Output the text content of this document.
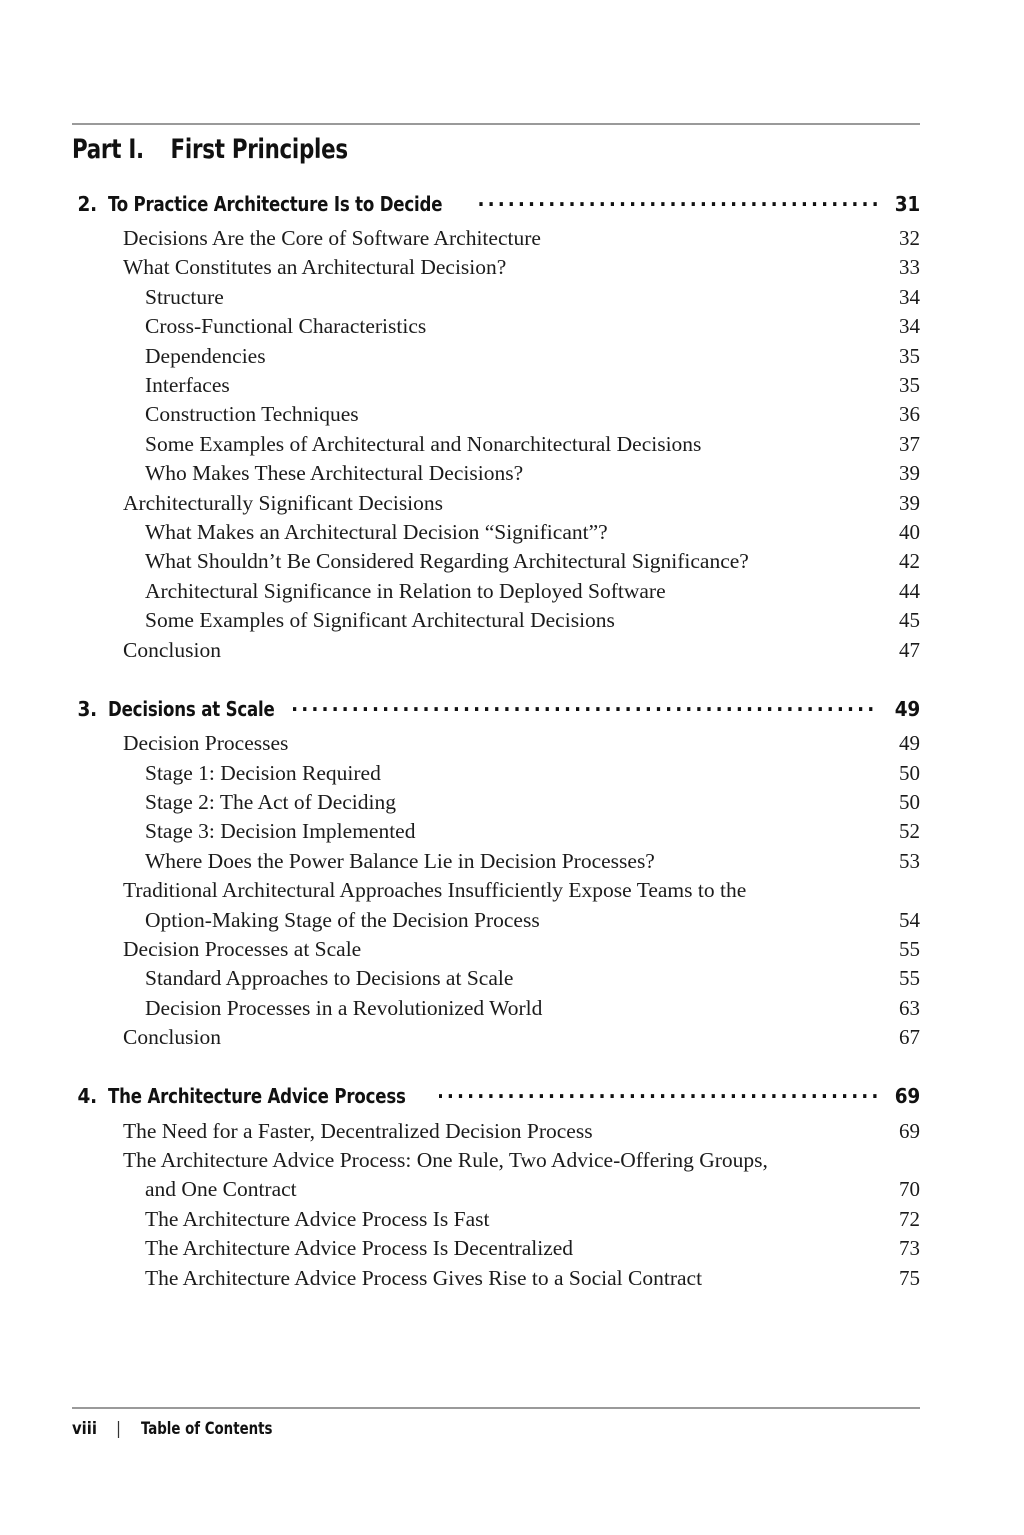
Part I. First Principles
2. To Practice Architecture Is to Decide .....	31
Decisions Are the Core of Software Architecture	32
What Constitutes an Architectural Decision?	33
Structure	34
Cross-Functional Characteristics	34
Dependencies	35
Interfaces	35
Construction Techniques	36
Some Examples of Architectural and Nonarchitectural Decisions	37
Who Makes These Architectural Decisions?	39
Architecturally Significant Decisions	39
What Makes an Architectural Decision “Significant”?	40
What Shouldn’t Be Considered Regarding Architectural Significance?	42
Architectural Significance in Relation to Deployed Software	44
Some Examples of Significant Architectural Decisions	45
Conclusion	47
3. Decisions at Scale .....	49
Decision Processes	49
Stage 1: Decision Required	50
Stage 2: The Act of Deciding	50
Stage 3: Decision Implemented	52
Where Does the Power Balance Lie in Decision Processes?	53
Traditional Architectural Approaches Insufficiently Expose Teams to the
Option-Making Stage of the Decision Process	54
Decision Processes at Scale	55
Standard Approaches to Decisions at Scale	55
Decision Processes in a Revolutionized World	63
Conclusion	67
4. The Architecture Advice Process .....	69
The Need for a Faster, Decentralized Decision Process	69
The Architecture Advice Process: One Rule, Two Advice-Offering Groups,
and One Contract	70
The Architecture Advice Process Is Fast	72
The Architecture Advice Process Is Decentralized	73
The Architecture Advice Process Gives Rise to a Social Contract	75
viii	|	Table of Contents
